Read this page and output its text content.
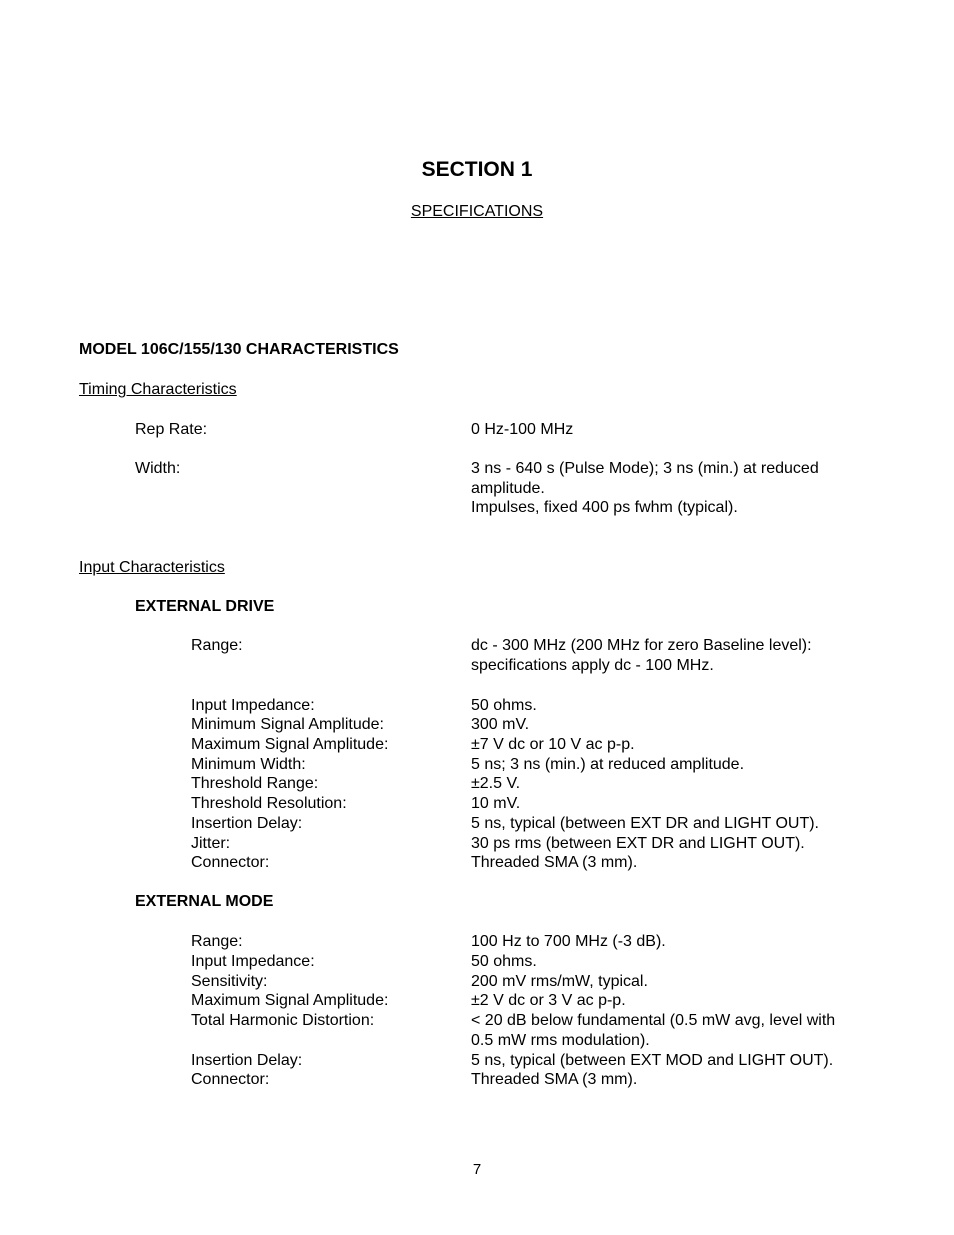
SECTION 1
SPECIFICATIONS
MODEL 106C/155/130 CHARACTERISTICS
Timing Characteristics
Rep Rate:	0 Hz-100 MHz
Width:	3 ns - 640 s (Pulse Mode); 3 ns (min.) at reduced
amplitude.
Impulses, fixed 400 ps fwhm (typical).
Input Characteristics
EXTERNAL DRIVE
Range:	dc - 300 MHz (200 MHz for zero Baseline level):
specifications apply dc - 100 MHz.
Input Impedance:	50 ohms.
Minimum Signal Amplitude:	300 mV.
Maximum Signal Amplitude:	±7 V dc or 10 V ac p-p.
Minimum Width:	5 ns; 3 ns (min.) at reduced amplitude.
Threshold Range:	±2.5 V.
Threshold Resolution:	10 mV.
Insertion Delay:	5 ns, typical (between EXT DR and LIGHT OUT).
Jitter:	30 ps rms (between EXT DR and LIGHT OUT).
Connector:	Threaded SMA (3 mm).
EXTERNAL MODE
Range:	100 Hz to 700 MHz (-3 dB).
Input Impedance:	50 ohms.
Sensitivity:	200 mV rms/mW, typical.
Maximum Signal Amplitude:	±2 V dc or 3 V ac p-p.
Total Harmonic Distortion:	< 20 dB below fundamental (0.5 mW avg, level with
0.5 mW rms modulation).
Insertion Delay:	5 ns, typical (between EXT MOD and LIGHT OUT).
Connector:	Threaded SMA (3 mm).
7
